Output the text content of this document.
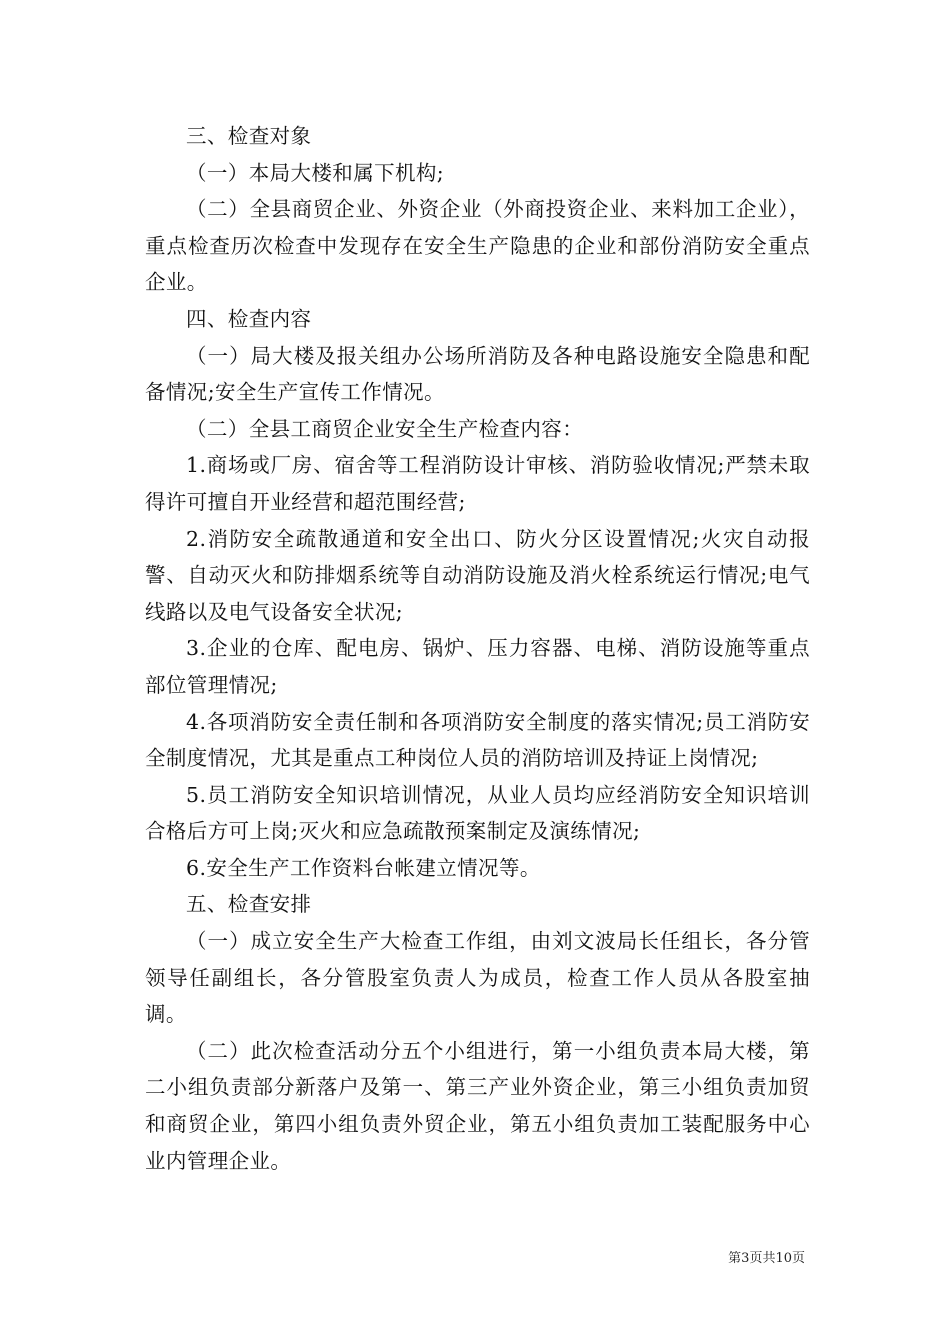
三、检查对象

（一）本局大楼和属下机构;

（二）全县商贸企业、外资企业（外商投资企业、来料加工企业），重点检查历次检查中发现存在安全生产隐患的企业和部份消防安全重点企业。

四、检查内容

（一）局大楼及报关组办公场所消防及各种电路设施安全隐患和配备情况;安全生产宣传工作情况。

（二）全县工商贸企业安全生产检查内容：

1.商场或厂房、宿舍等工程消防设计审核、消防验收情况;严禁未取得许可擅自开业经营和超范围经营;

2.消防安全疏散通道和安全出口、防火分区设置情况;火灾自动报警、自动灭火和防排烟系统等自动消防设施及消火栓系统运行情况;电气线路以及电气设备安全状况;

3.企业的仓库、配电房、锅炉、压力容器、电梯、消防设施等重点部位管理情况;

4.各项消防安全责任制和各项消防安全制度的落实情况;员工消防安全制度情况，尤其是重点工种岗位人员的消防培训及持证上岗情况;

5.员工消防安全知识培训情况，从业人员均应经消防安全知识培训合格后方可上岗;灭火和应急疏散预案制定及演练情况;

6.安全生产工作资料台帐建立情况等。

五、检查安排

（一）成立安全生产大检查工作组，由刘文波局长任组长，各分管领导任副组长，各分管股室负责人为成员，检查工作人员从各股室抽调。

（二）此次检查活动分五个小组进行，第一小组负责本局大楼，第二小组负责部分新落户及第一、第三产业外资企业，第三小组负责加贸和商贸企业，第四小组负责外贸企业，第五小组负责加工装配服务中心业内管理企业。

第3页共10页
